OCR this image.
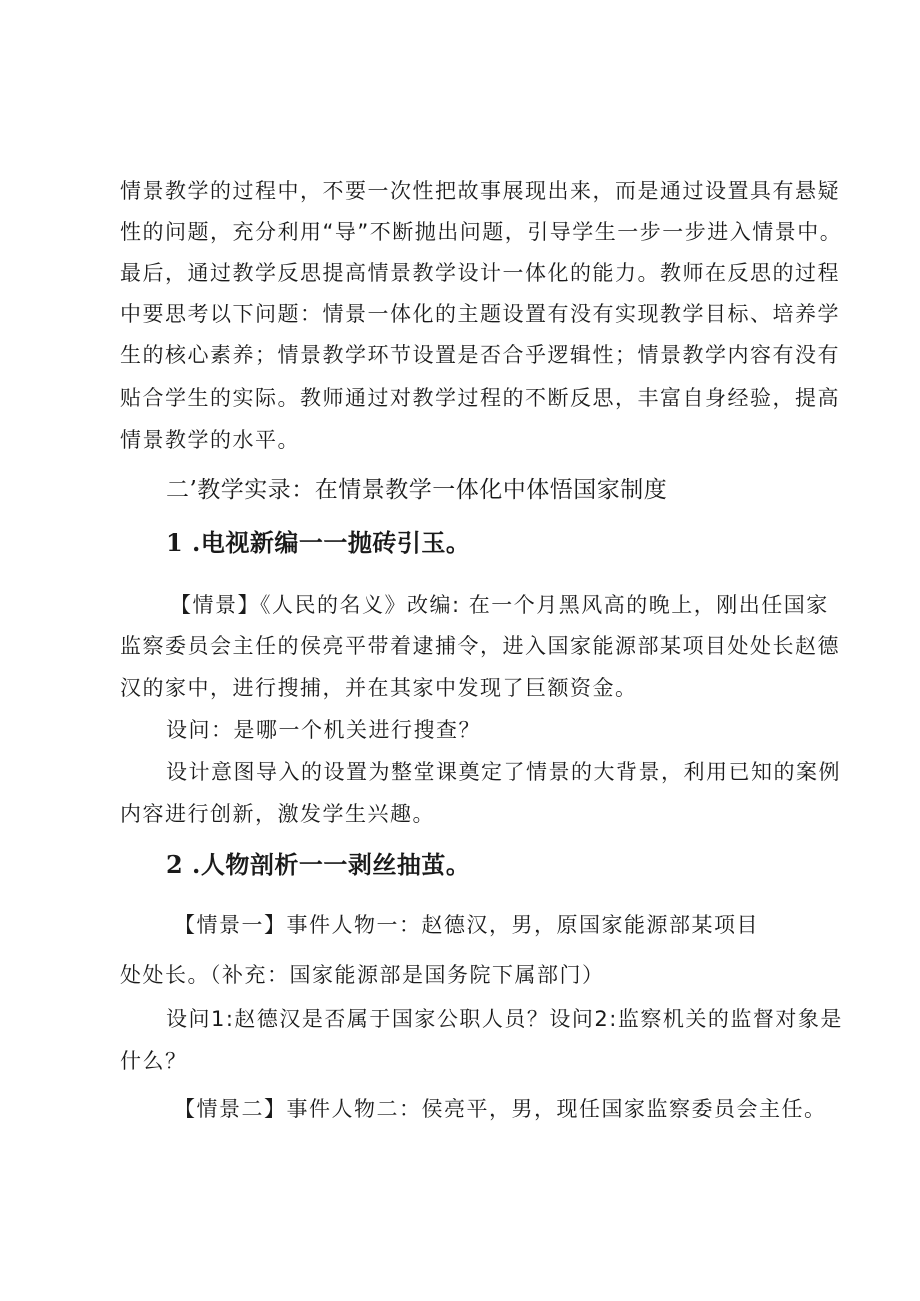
情景教学的过程中，不要一次性把故事展现出来，而是通过设置具有悬疑
性的问题，充分利用“导”不断抛出问题，引导学生一步一步进入情景中。
最后，通过教学反思提高情景教学设计一体化的能力。教师在反思的过程
中要思考以下问题：情景一体化的主题设置有没有实现教学目标、培养学
生的核心素养；情景教学环节设置是否合乎逻辑性；情景教学内容有没有
贴合学生的实际。教师通过对教学过程的不断反思，丰富自身经验，提高
情景教学的水平。
二’教学实录：在情景教学一体化中体悟国家制度
1 .电视新编一一抛砖引玉。
【情景】《人民的名义》改编: 在一个月黑风高的晚上，刚出任国家
监察委员会主任的侯亮平带着逮捕令，进入国家能源部某项目处处长赵德
汉的家中，进行搜捕，并在其家中发现了巨额资金。
设问：是哪一个机关进行搜查？
设计意图导入的设置为整堂课奠定了情景的大背景，利用已知的案例
内容进行创新，激发学生兴趣。
2 .人物剖析一一剥丝抽茧。
【情景一】事件人物一：赵德汉，男，原国家能源部某项目
处处长。（补充：国家能源部是国务院下属部门）
设问1:赵德汉是否属于国家公职人员？设问2:监察机关的监督对象是
什么？
【情景二】事件人物二：侯亮平，男，现任国家监察委员会主任。
